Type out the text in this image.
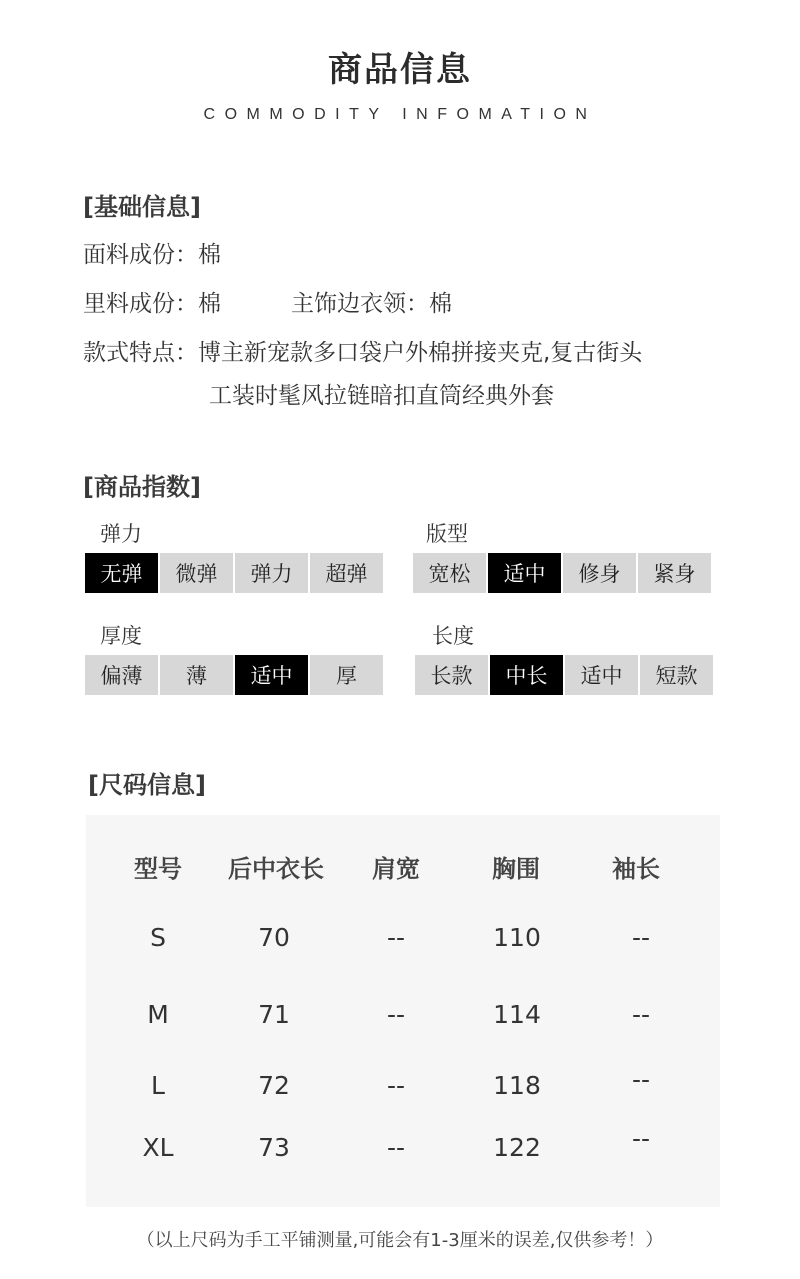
商品信息
COMMODITY INFOMATION
[基础信息]
面料成份：棉
里料成份：棉	主饰边衣领：棉
款式特点：博主新宠款多口袋户外棉拼接夹克,复古街头
工装时髦风拉链暗扣直筒经典外套
[商品指数]
弹力
无弹	微弹	弹力	超弹
版型
宽松	适中	修身	紧身
厚度
偏薄	薄	适中	厚
长度
长款	中长	适中	短款
[尺码信息]
型号	后中衣长	肩宽	胸围	袖长
S	70	--	110	--
M	71	--	114	--
L	72	--	118	--
XL	73	--	122	--
（以上尺码为手工平铺测量,可能会有1-3厘米的误差,仅供参考！）
